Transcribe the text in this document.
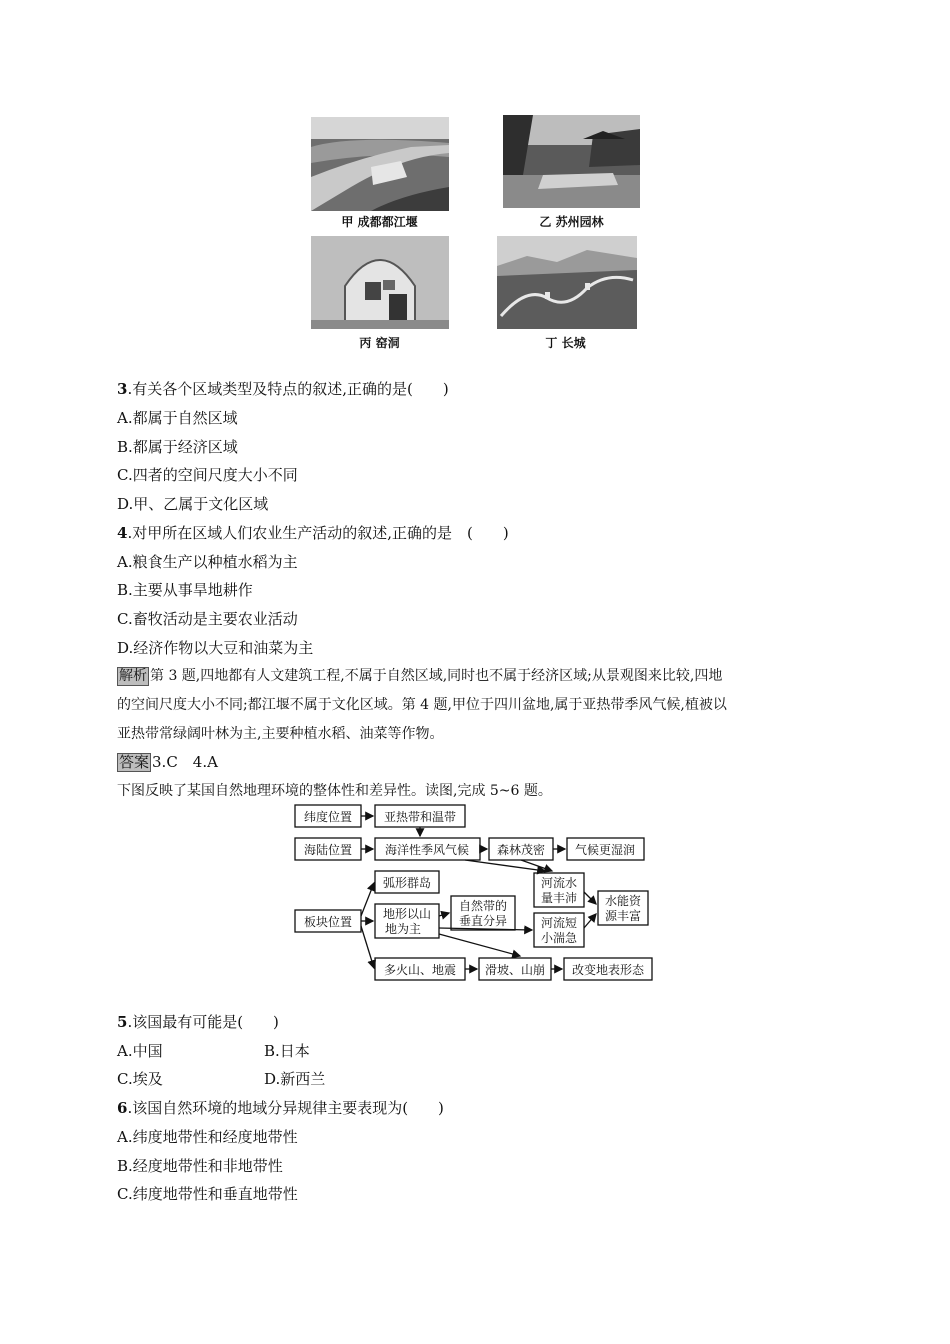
甲 成都都江堰	乙 苏州园林
丙 窑洞	丁 长城
3.有关各个区域类型及特点的叙述,正确的是(　　)
A.都属于自然区域
B.都属于经济区域
C.四者的空间尺度大小不同
D.甲、乙属于文化区域
4.对甲所在区域人们农业生产活动的叙述,正确的是　(　　)
A.粮食生产以种植水稻为主
B.主要从事旱地耕作
C.畜牧活动是主要农业活动
D.经济作物以大豆和油菜为主
解析 第 3 题,四地都有人文建筑工程,不属于自然区域,同时也不属于经济区域;从景观图来比较,四地
的空间尺度大小不同;都江堰不属于文化区域。第 4 题,甲位于四川盆地,属于亚热带季风气候,植被以
亚热带常绿阔叶林为主,主要种植水稻、油菜等作物。
答案 3.C　4.A
下图反映了某国自然地理环境的整体性和差异性。读图,完成 5~6 题。
纬度位置	亚热带和温带
海陆位置	海洋性季风气候 森林茂密 气候更湿润
弧形群岛
板块位置
地形以山
地为主
自然带的
垂直分异
河流水
量丰沛
河流短
小湍急
水能资
源丰富
多火山、地震 滑坡、山崩 改变地表形态
5.该国最有可能是(　　)
A.中国	B.日本
C.埃及	D.新西兰
6.该国自然环境的地域分异规律主要表现为(　　)
A.纬度地带性和经度地带性
B.经度地带性和非地带性
C.纬度地带性和垂直地带性
